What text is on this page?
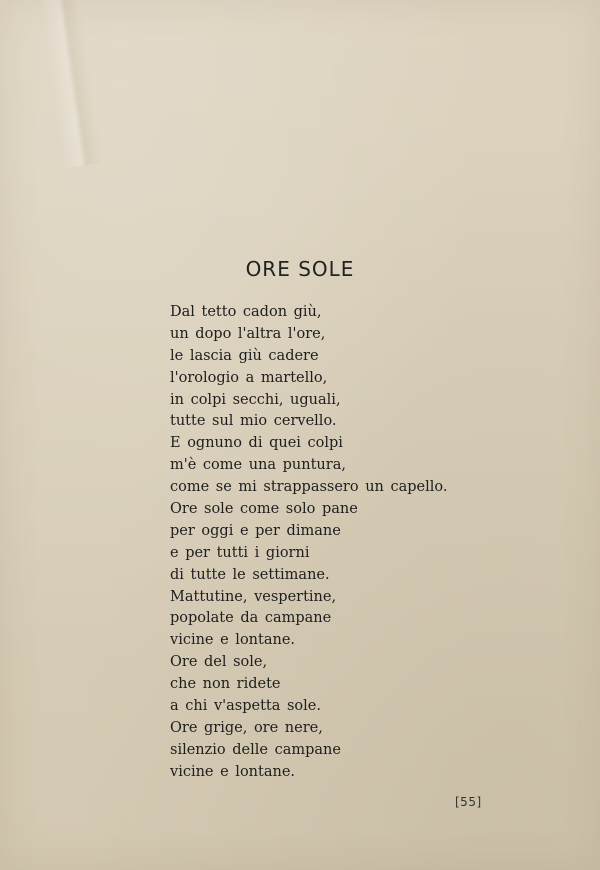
ORE SOLE
Dal tetto cadon giù,
un dopo l'altra l'ore,
le lascia giù cadere
l'orologio a martello,
in colpi secchi, uguali,
tutte sul mio cervello.
E ognuno di quei colpi
m'è come una puntura,
come se mi strappassero un capello.
Ore sole come solo pane
per oggi e per dimane
e per tutti i giorni
di tutte le settimane.
Mattutine, vespertine,
popolate da campane
vicine e lontane.
Ore del sole,
che non ridete
a chi v'aspetta sole.
Ore grige, ore nere,
silenzio delle campane
vicine e lontane.
[55]
